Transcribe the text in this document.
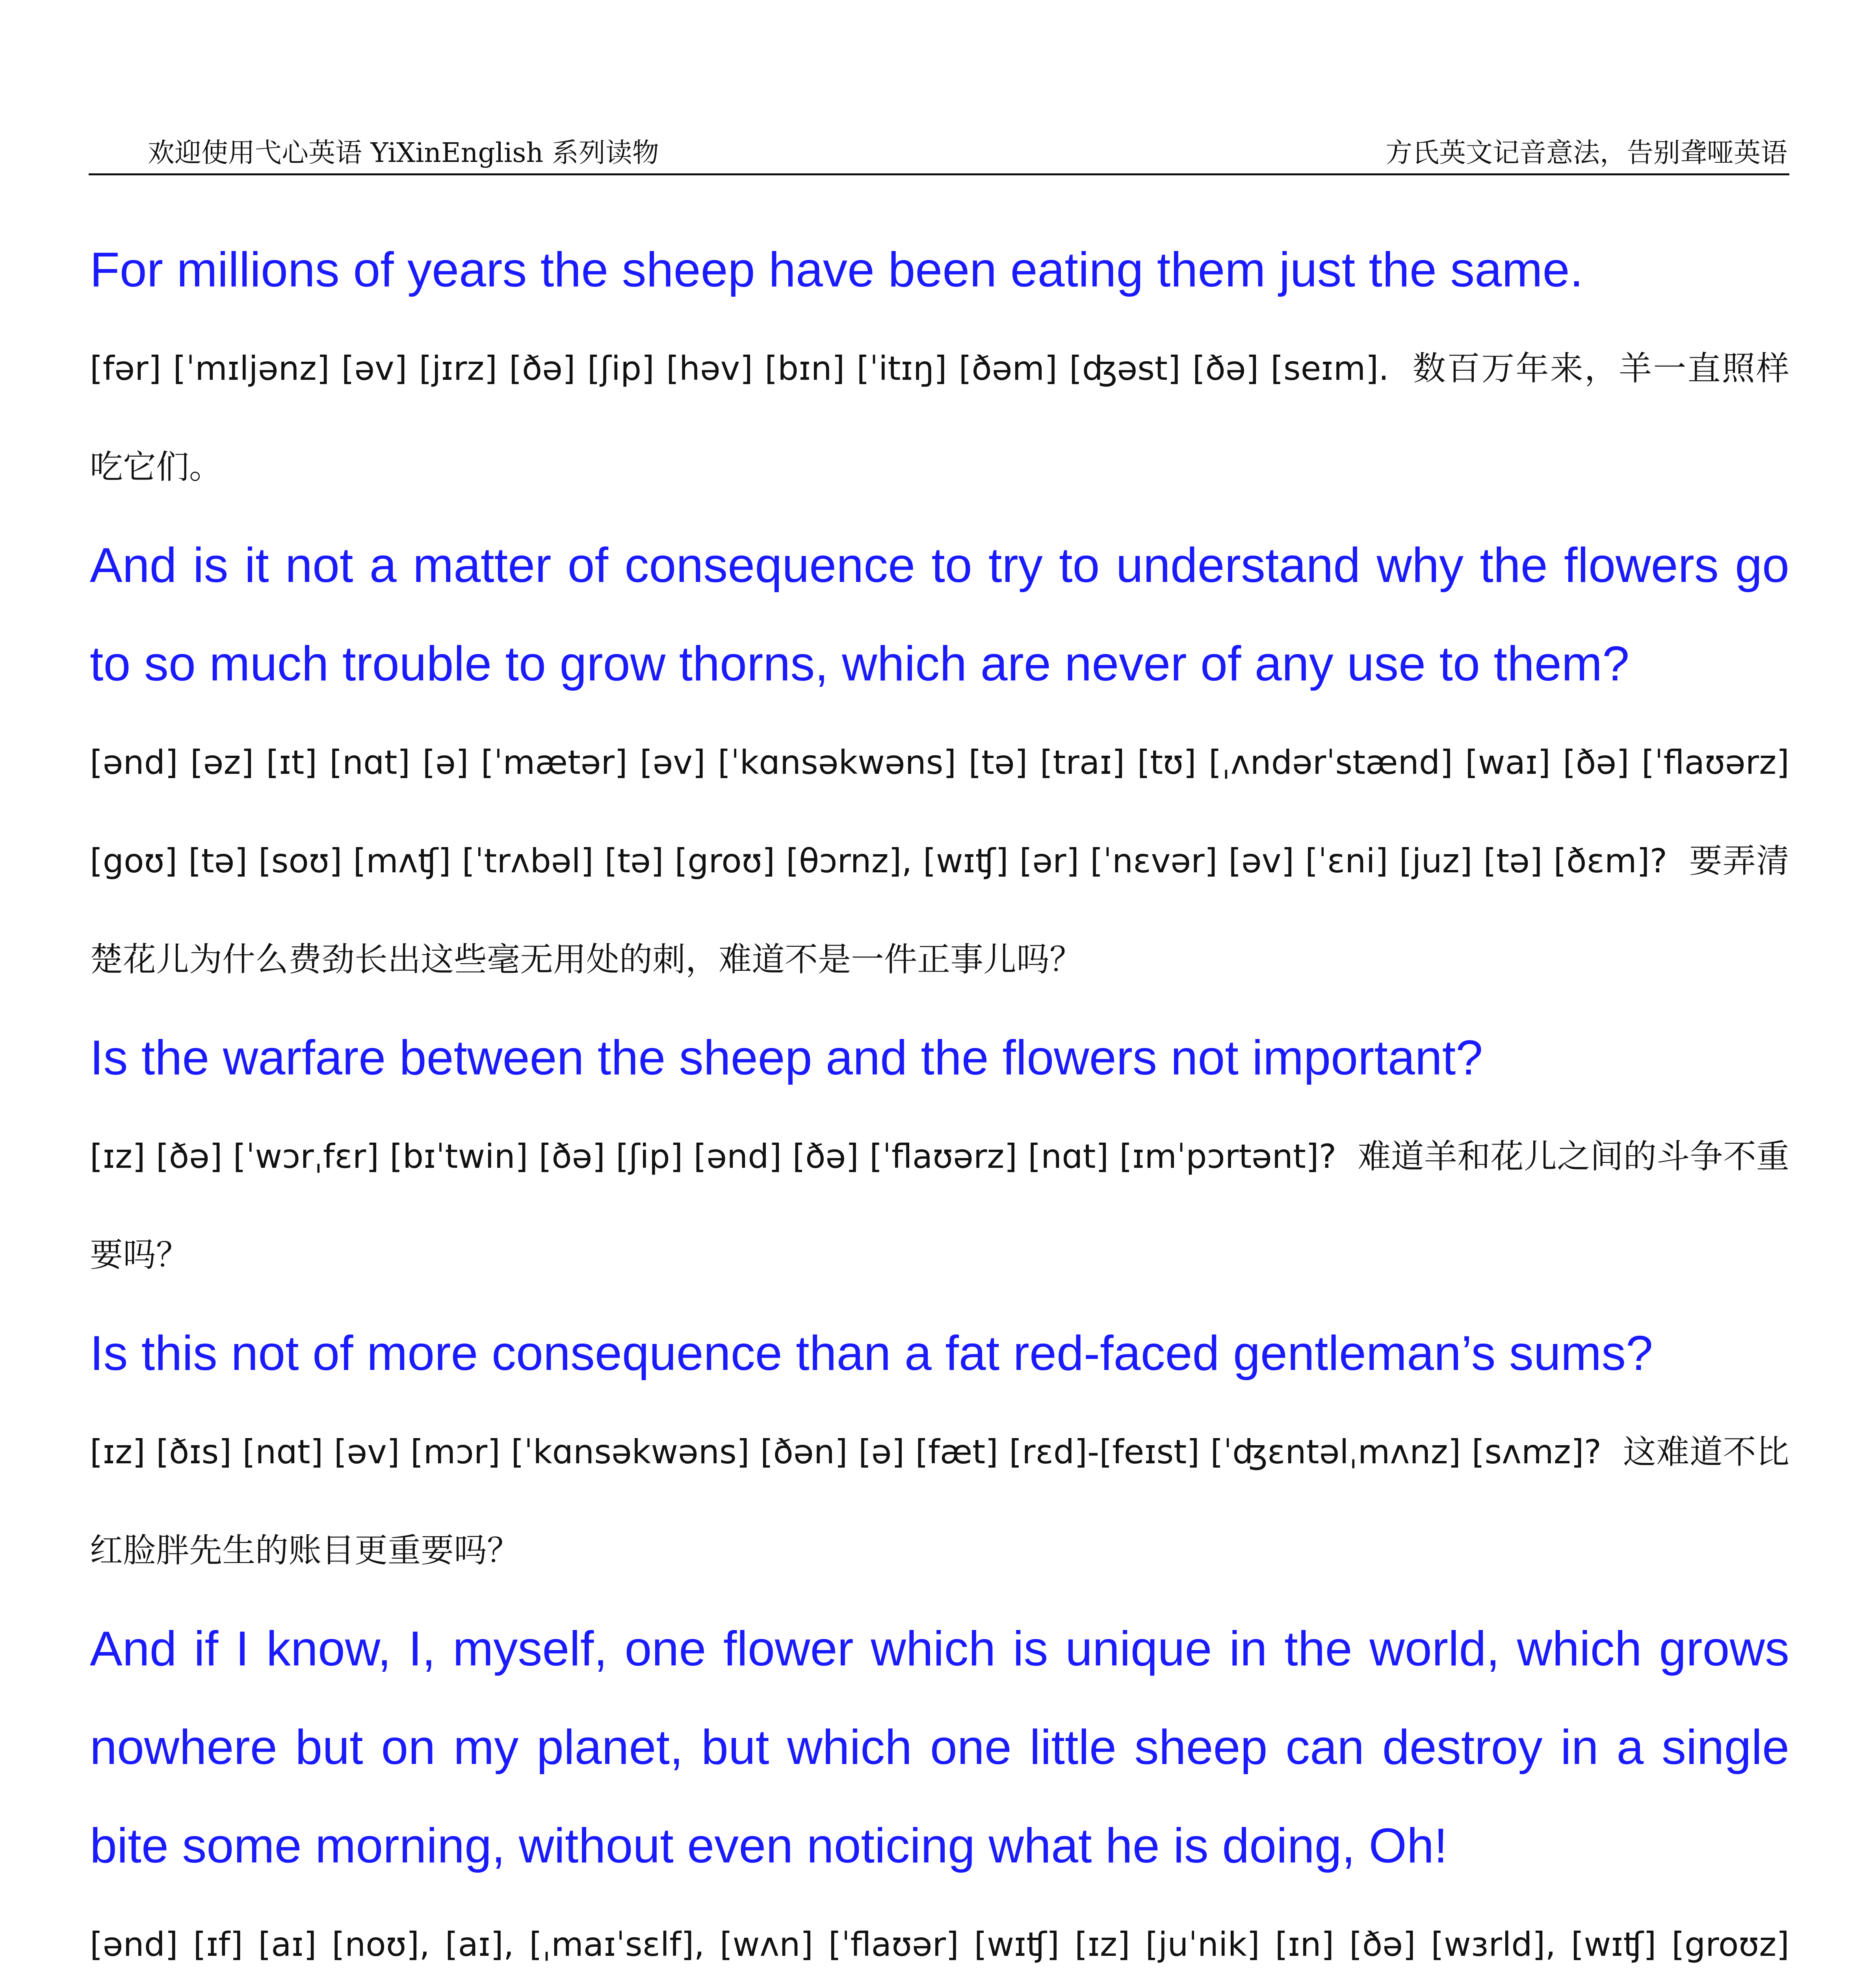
欢迎使用弋心英语 YiXinEnglish 系列读物	方氏英文记音意法，告别聋哑英语

For millions of years the sheep have been eating them just the same.

[fər] [ˈmɪljənz] [əv] [jɪrz] [ðə] [ʃip] [həv] [bɪn] [ˈitɪŋ] [ðəm] [ʤəst] [ðə] [seɪm]. 数百万年来，羊一直照样吃它们。

And is it not a matter of consequence to try to understand why the flowers go to so much trouble to grow thorns, which are never of any use to them?

[ənd] [əz] [ɪt] [nɑt] [ə] [ˈmætər] [əv] [ˈkɑnsəkwəns] [tə] [traɪ] [tʊ] [ˌʌndərˈstænd] [waɪ] [ðə] [ˈflaʊərz] [goʊ] [tə] [soʊ] [mʌʧ] [ˈtrʌbəl] [tə] [groʊ] [θɔrnz], [wɪʧ] [ər] [ˈnɛvər] [əv] [ˈɛni] [juz] [tə] [ðɛm]? 要弄清楚花儿为什么费劲长出这些毫无用处的刺，难道不是一件正事儿吗？

Is the warfare between the sheep and the flowers not important?

[ɪz] [ðə] [ˈwɔrˌfɛr] [bɪˈtwin] [ðə] [ʃip] [ənd] [ðə] [ˈflaʊərz] [nɑt] [ɪmˈpɔrtənt]? 难道羊和花儿之间的斗争不重要吗？

Is this not of more consequence than a fat red-faced gentleman’s sums?

[ɪz] [ðɪs] [nɑt] [əv] [mɔr] [ˈkɑnsəkwəns] [ðən] [ə] [fæt] [rɛd]-[feɪst] [ˈʤɛntəlˌmʌnz] [sʌmz]? 这难道不比红脸胖先生的账目更重要吗？

And if I know, I, myself, one flower which is unique in the world, which grows nowhere but on my planet, but which one little sheep can destroy in a single bite some morning, without even noticing what he is doing, Oh!

[ənd] [ɪf] [aɪ] [noʊ], [aɪ], [ˌmaɪˈsɛlf], [wʌn] [ˈflaʊər] [wɪʧ] [ɪz] [juˈnik] [ɪn] [ðə] [wɜrld], [wɪʧ] [groʊz]
